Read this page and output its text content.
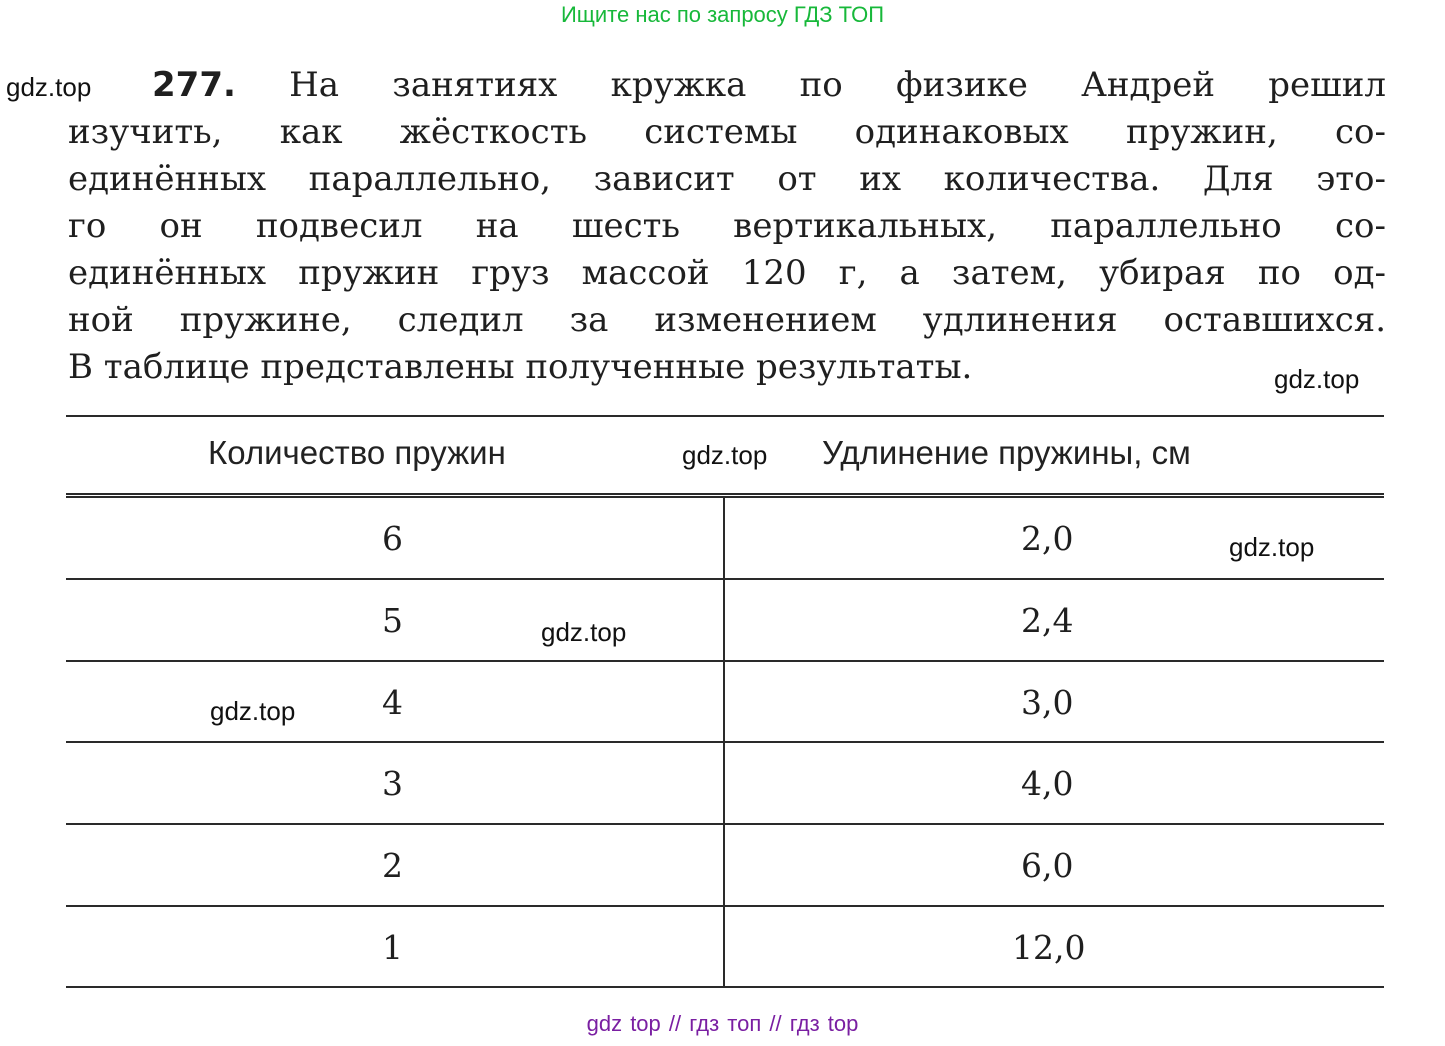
Ищите нас по запросу ГДЗ ТОП
gdz.top
gdz.top
gdz.top
gdz.top
gdz.top
gdz.top
277. На занятиях кружка по физике Андрей решил
изучить, как жёсткость системы одинаковых пружин, со-
единённых параллельно, зависит от их количества. Для это-
го он подвесил на шесть вертикальных, параллельно со-
единённых пружин груз массой 120 г, а затем, убирая по од-
ной пружине, следил за изменением удлинения оставшихся.
В таблице представлены полученные результаты.
Количество пружин	Удлинение пружины, см
6	2,0
5	2,4
4	3,0
3	4,0
2	6,0
1	12,0
gdz top // гдз топ // гдз top
